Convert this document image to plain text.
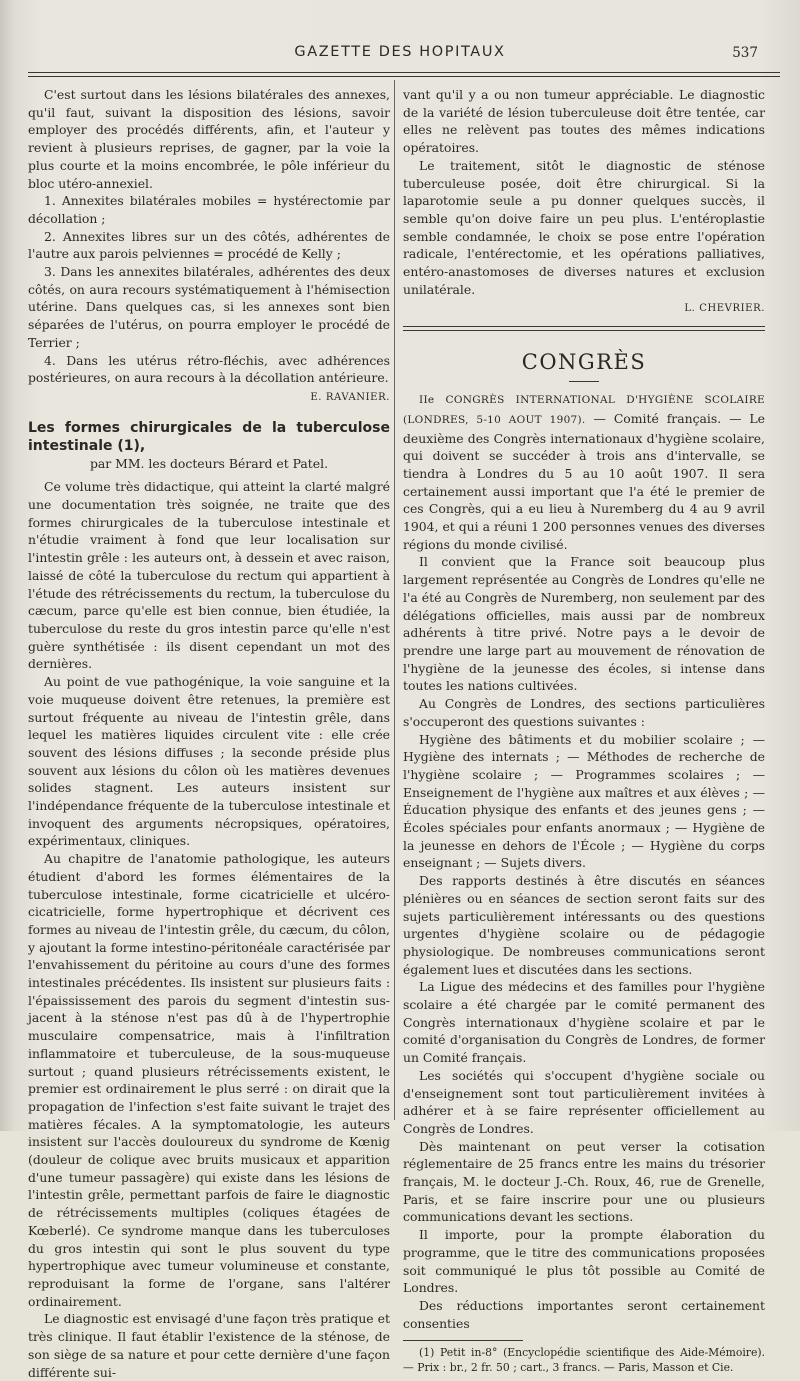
GAZETTE DES HOPITAUX	537

C'est surtout dans les lésions bilatérales des annexes, qu'il faut, suivant la disposition des lésions, savoir employer des procédés différents, afin, et l'auteur y revient à plusieurs reprises, de gagner, par la voie la plus courte et la moins encombrée, le pôle inférieur du bloc utéro-annexiel.

1. Annexites bilatérales mobiles = hystérectomie par décollation ;

2. Annexites libres sur un des côtés, adhérentes de l'autre aux parois pelviennes = procédé de Kelly ;

3. Dans les annexites bilatérales, adhérentes des deux côtés, on aura recours systématiquement à l'hémisection utérine. Dans quelques cas, si les annexes sont bien séparées de l'utérus, on pourra employer le procédé de Terrier ;

4. Dans les utérus rétro-fléchis, avec adhérences postérieures, on aura recours à la décollation antérieure.

E. RAVANIER.

Les formes chirurgicales de la tuberculose intestinale (1),

par MM. les docteurs Bérard et Patel.

Ce volume très didactique, qui atteint la clarté malgré une documentation très soignée, ne traite que des formes chirurgicales de la tuberculose intestinale et n'étudie vraiment à fond que leur localisation sur l'intestin grêle : les auteurs ont, à dessein et avec raison, laissé de côté la tuberculose du rectum qui appartient à l'étude des rétrécissements du rectum, la tuberculose du cæcum, parce qu'elle est bien connue, bien étudiée, la tuberculose du reste du gros intestin parce qu'elle n'est guère synthétisée : ils disent cependant un mot des dernières.

Au point de vue pathogénique, la voie sanguine et la voie muqueuse doivent être retenues, la première est surtout fréquente au niveau de l'intestin grêle, dans lequel les matières liquides circulent vite : elle crée souvent des lésions diffuses ; la seconde préside plus souvent aux lésions du côlon où les matières devenues solides stagnent. Les auteurs insistent sur l'indépendance fréquente de la tuberculose intestinale et invoquent des arguments nécropsiques, opératoires, expérimentaux, cliniques.

Au chapitre de l'anatomie pathologique, les auteurs étudient d'abord les formes élémentaires de la tuberculose intestinale, forme cicatricielle et ulcéro-cicatricielle, forme hypertrophique et décrivent ces formes au niveau de l'intestin grêle, du cæcum, du côlon, y ajoutant la forme intestino-péritonéale caractérisée par l'envahissement du péritoine au cours d'une des formes intestinales précédentes. Ils insistent sur plusieurs faits : l'épaississement des parois du segment d'intestin sus-jacent à la sténose n'est pas dû à de l'hypertrophie musculaire compensatrice, mais à l'infiltration inflammatoire et tuberculeuse, de la sous-muqueuse surtout ; quand plusieurs rétrécissements existent, le premier est ordinairement le plus serré : on dirait que la propagation de l'infection s'est faite suivant le trajet des matières fécales. A la symptomatologie, les auteurs insistent sur l'accès douloureux du syndrome de Kœnig (douleur de colique avec bruits musicaux et apparition d'une tumeur passagère) qui existe dans les lésions de l'intestin grêle, permettant parfois de faire le diagnostic de rétrécissements multiples (coliques étagées de Kœberlé). Ce syndrome manque dans les tuberculoses du gros intestin qui sont le plus souvent du type hypertrophique avec tumeur volumineuse et constante, reproduisant la forme de l'organe, sans l'altérer ordinairement.

Le diagnostic est envisagé d'une façon très pratique et très clinique. Il faut établir l'existence de la sténose, de son siège de sa nature et pour cette dernière d'une façon différente sui-

vant qu'il y a ou non tumeur appréciable. Le diagnostic de la variété de lésion tuberculeuse doit être tentée, car elles ne relèvent pas toutes des mêmes indications opératoires.

Le traitement, sitôt le diagnostic de sténose tuberculeuse posée, doit être chirurgical. Si la laparotomie seule a pu donner quelques succès, il semble qu'on doive faire un peu plus. L'entéroplastie semble condamnée, le choix se pose entre l'opération radicale, l'entérectomie, et les opérations palliatives, entéro-anastomoses de diverses natures et exclusion unilatérale.

L. CHEVRIER.

CONGRÈS

IIe CONGRÈS INTERNATIONAL D'HYGIÈNE SCOLAIRE (LONDRES, 5-10 AOUT 1907). — Comité français. — Le deuxième des Congrès internationaux d'hygiène scolaire, qui doivent se succéder à trois ans d'intervalle, se tiendra à Londres du 5 au 10 août 1907. Il sera certainement aussi important que l'a été le premier de ces Congrès, qui a eu lieu à Nuremberg du 4 au 9 avril 1904, et qui a réuni 1 200 personnes venues des diverses régions du monde civilisé.

Il convient que la France soit beaucoup plus largement représentée au Congrès de Londres qu'elle ne l'a été au Congrès de Nuremberg, non seulement par des délégations officielles, mais aussi par de nombreux adhérents à titre privé. Notre pays a le devoir de prendre une large part au mouvement de rénovation de l'hygiène de la jeunesse des écoles, si intense dans toutes les nations cultivées.

Au Congrès de Londres, des sections particulières s'occuperont des questions suivantes :

Hygiène des bâtiments et du mobilier scolaire ; — Hygiène des internats ; — Méthodes de recherche de l'hygiène scolaire ; — Programmes scolaires ; — Enseignement de l'hygiène aux maîtres et aux élèves ; — Éducation physique des enfants et des jeunes gens ; — Écoles spéciales pour enfants anormaux ; — Hygiène de la jeunesse en dehors de l'École ; — Hygiène du corps enseignant ; — Sujets divers.

Des rapports destinés à être discutés en séances plénières ou en séances de section seront faits sur des sujets particulièrement intéressants ou des questions urgentes d'hygiène scolaire ou de pédagogie physiologique. De nombreuses communications seront également lues et discutées dans les sections.

La Ligue des médecins et des familles pour l'hygiène scolaire a été chargée par le comité permanent des Congrès internationaux d'hygiène scolaire et par le comité d'organisation du Congrès de Londres, de former un Comité français.

Les sociétés qui s'occupent d'hygiène sociale ou d'enseignement sont tout particulièrement invitées à adhérer et à se faire représenter officiellement au Congrès de Londres.

Dès maintenant on peut verser la cotisation réglementaire de 25 francs entre les mains du trésorier français, M. le docteur J.-Ch. Roux, 46, rue de Grenelle, Paris, et se faire inscrire pour une ou plusieurs communications devant les sections.

Il importe, pour la prompte élaboration du programme, que le titre des communications proposées soit communiqué le plus tôt possible au Comité de Londres.

Des réductions importantes seront certainement consenties

(1) Petit in-8° (Encyclopédie scientifique des Aide-Mémoire). — Prix : br., 2 fr. 50 ; cart., 3 francs. — Paris, Masson et Cie.
